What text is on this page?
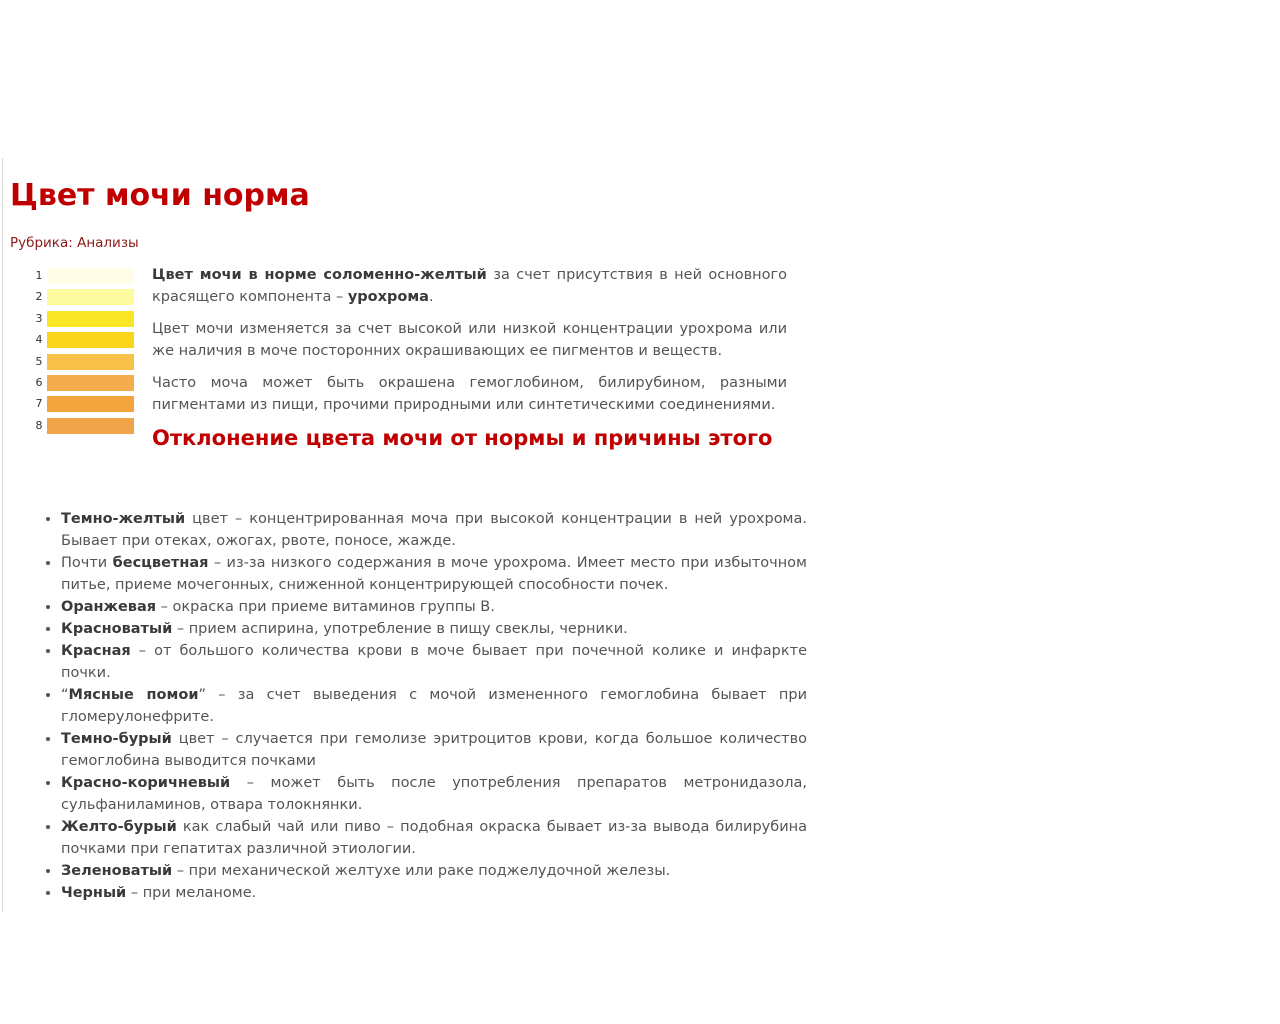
Цвет мочи норма
Рубрика: Анализы
1
2
3
4
5
6
7
8

Цвет мочи в норме соломенно-желтый за счет присутствия в ней основного красящего компонента – урохрома.

Цвет мочи изменяется за счет высокой или низкой концентрации урохрома или же наличия в моче посторонних окрашивающих ее пигментов и веществ.

Часто моча может быть окрашена гемоглобином, билирубином, разными пигментами из пищи, прочими природными или синтетическими соединениями.

Отклонение цвета мочи от нормы и причины этого
• Темно-желтый цвет – концентрированная моча при высокой концентрации в ней урохрома. Бывает при отеках, ожогах, рвоте, поносе, жажде.
• Почти бесцветная – из-за низкого содержания в моче урохрома. Имеет место при избыточном питье, приеме мочегонных, сниженной концентрирующей способности почек.
• Оранжевая – окраска при приеме витаминов группы В.
• Красноватый – прием аспирина, употребление в пищу свеклы, черники.
• Красная – от большого количества крови в моче бывает при почечной колике и инфаркте почки.
• “Мясные помои” – за счет выведения с мочой измененного гемоглобина бывает при гломерулонефрите.
• Темно-бурый цвет – случается при гемолизе эритроцитов крови, когда большое количество гемоглобина выводится почками
• Красно-коричневый – может быть после употребления препаратов метронидазола, сульфаниламинов, отвара толокнянки.
• Желто-бурый как слабый чай или пиво – подобная окраска бывает из-за вывода билирубина почками при гепатитах различной этиологии.
• Зеленоватый – при механической желтухе или раке поджелудочной железы.
• Черный – при меланоме.
